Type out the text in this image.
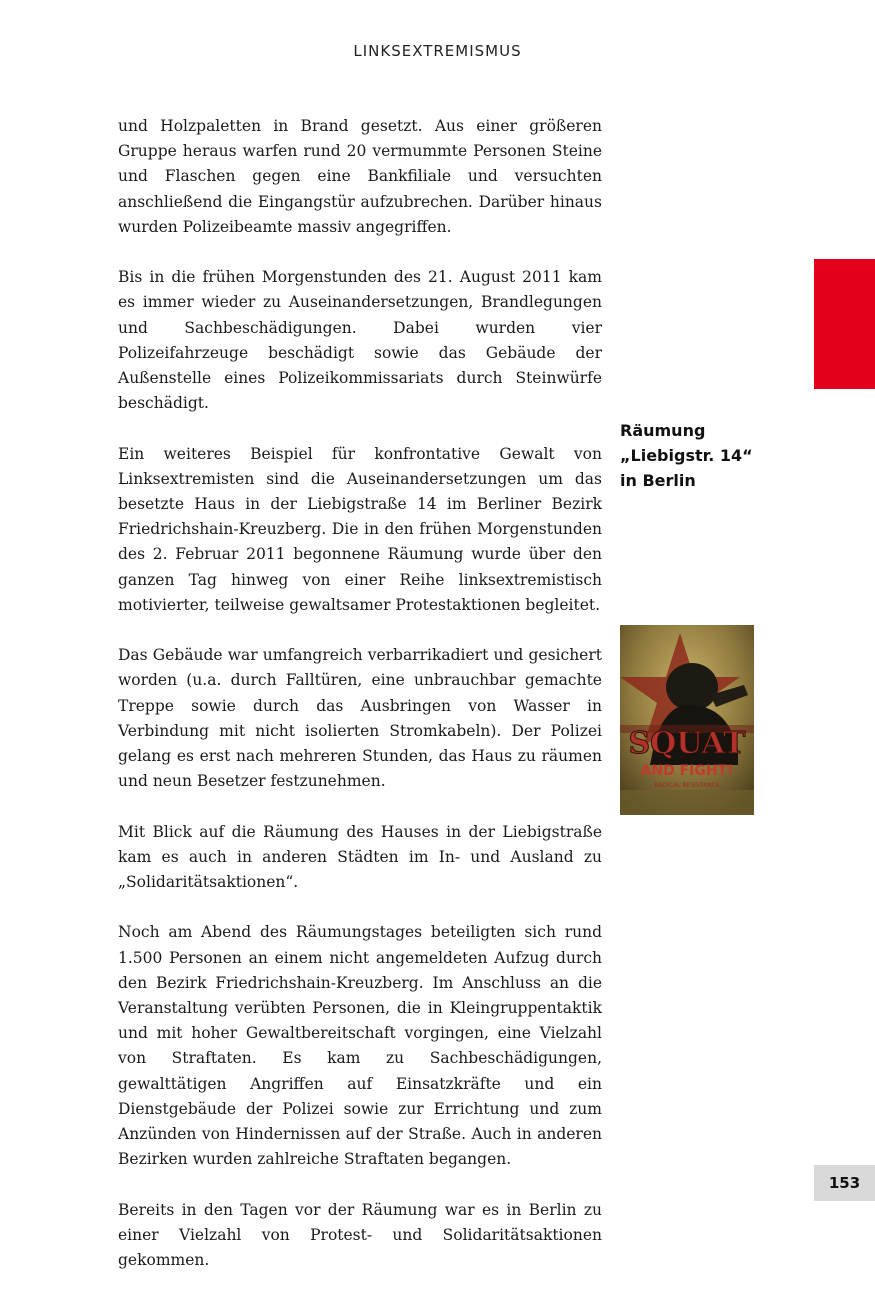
LINKSEXTREMISMUS

und Holzpaletten in Brand gesetzt. Aus einer größeren Gruppe heraus warfen rund 20 vermummte Personen Steine und Flaschen gegen eine Bankfiliale und versuchten anschließend die Eingangstür aufzubrechen. Darüber hinaus wurden Polizeibeamte massiv angegriffen.

Bis in die frühen Morgenstunden des 21. August 2011 kam es immer wieder zu Auseinandersetzungen, Brandlegungen und Sachbeschädigungen. Dabei wurden vier Polizeifahrzeuge beschädigt sowie das Gebäude der Außenstelle eines Polizeikommissariats durch Steinwürfe beschädigt.

Ein weiteres Beispiel für konfrontative Gewalt von Linksextremisten sind die Auseinandersetzungen um das besetzte Haus in der Liebigstraße 14 im Berliner Bezirk Friedrichshain-Kreuzberg. Die in den frühen Morgenstunden des 2. Februar 2011 begonnene Räumung wurde über den ganzen Tag hinweg von einer Reihe linksextremistisch motivierter, teilweise gewaltsamer Protestaktionen begleitet.

Das Gebäude war umfangreich verbarrikadiert und gesichert worden (u.a. durch Falltüren, eine unbrauchbar gemachte Treppe sowie durch das Ausbringen von Wasser in Verbindung mit nicht isolierten Stromkabeln). Der Polizei gelang es erst nach mehreren Stunden, das Haus zu räumen und neun Besetzer festzunehmen.

Mit Blick auf die Räumung des Hauses in der Liebigstraße kam es auch in anderen Städten im In- und Ausland zu „Solidaritätsaktionen“.

Noch am Abend des Räumungstages beteiligten sich rund 1.500 Personen an einem nicht angemeldeten Aufzug durch den Bezirk Friedrichshain-Kreuzberg. Im Anschluss an die Veranstaltung verübten Personen, die in Kleingruppentaktik und mit hoher Gewaltbereitschaft vorgingen, eine Vielzahl von Straftaten. Es kam zu Sachbeschädigungen, gewalttätigen Angriffen auf Einsatzkräfte und ein Dienstgebäude der Polizei sowie zur Errichtung und zum Anzünden von Hindernissen auf der Straße. Auch in anderen Bezirken wurden zahlreiche Straftaten begangen.

Bereits in den Tagen vor der Räumung war es in Berlin zu einer Vielzahl von Protest- und Solidaritätsaktionen gekommen.

Räumung
„Liebigstr. 14“
in Berlin
SQUAT
AND FIGHT!
RADICAL RESISTANCE
153
